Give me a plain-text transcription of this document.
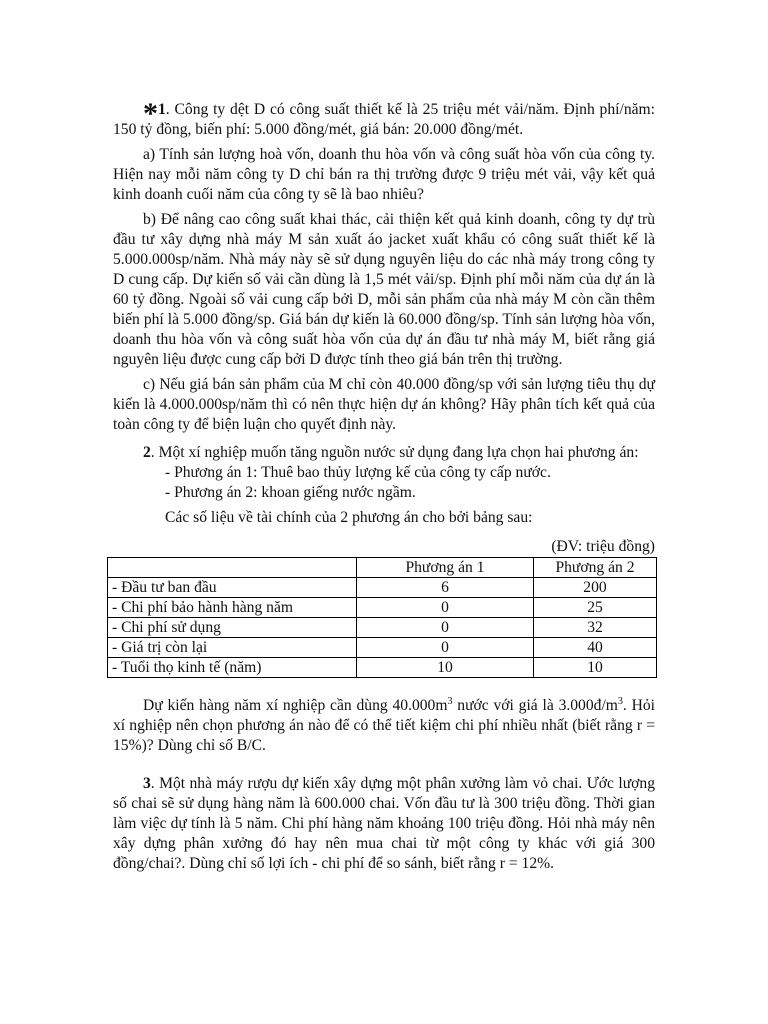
*1. Công ty dệt D có công suất thiết kế là 25 triệu mét vải/năm. Định phí/năm: 150 tỷ đồng, biến phí: 5.000 đồng/mét, giá bán: 20.000 đồng/mét.

a) Tính sản lượng hoà vốn, doanh thu hòa vốn và công suất hòa vốn của công ty. Hiện nay mỗi năm công ty D chỉ bán ra thị trường được 9 triệu mét vải, vậy kết quả kinh doanh cuối năm của công ty sẽ là bao nhiêu?

b) Để nâng cao công suất khai thác, cải thiện kết quả kinh doanh, công ty dự trù đầu tư xây dựng nhà máy M sản xuất áo jacket xuất khẩu có công suất thiết kế là 5.000.000sp/năm. Nhà máy này sẽ sử dụng nguyên liệu do các nhà máy trong công ty D cung cấp. Dự kiến số vải cần dùng là 1,5 mét vải/sp. Định phí mỗi năm của dự án là 60 tỷ đồng. Ngoài số vải cung cấp bởi D, mỗi sản phẩm của nhà máy M còn cần thêm biến phí là 5.000 đồng/sp. Giá bán dự kiến là 60.000 đồng/sp. Tính sản lượng hòa vốn, doanh thu hòa vốn và công suất hòa vốn của dự án đầu tư nhà máy M, biết rằng giá nguyên liệu được cung cấp bởi D được tính theo giá bán trên thị trường.

c) Nếu giá bán sản phẩm của M chỉ còn 40.000 đồng/sp với sản lượng tiêu thụ dự kiến là 4.000.000sp/năm thì có nên thực hiện dự án không? Hãy phân tích kết quả của toàn công ty để biện luận cho quyết định này.

2. Một xí nghiệp muốn tăng nguồn nước sử dụng đang lựa chọn hai phương án:

- Phương án 1: Thuê bao thủy lượng kế của công ty cấp nước.

- Phương án 2: khoan giếng nước ngầm.

Các số liệu về tài chính của 2 phương án cho bởi bảng sau:

(ĐV: triệu đồng)

	Phương án 1	Phương án 2
- Đầu tư ban đầu	6	200
- Chi phí bảo hành hàng năm	0	25
- Chi phí sử dụng	0	32
- Giá trị còn lại	0	40
- Tuổi thọ kinh tế (năm)	10	10

Dự kiến hàng năm xí nghiệp cần dùng $40.000m^3$ nước với giá là $3.000đ/m^3$. Hỏi xí nghiệp nên chọn phương án nào để có thể tiết kiệm chi phí nhiều nhất (biết rằng r = 15%)? Dùng chỉ số B/C.

3. Một nhà máy rượu dự kiến xây dựng một phân xưởng làm vỏ chai. Ước lượng số chai sẽ sử dụng hàng năm là 600.000 chai. Vốn đầu tư là 300 triệu đồng. Thời gian làm việc dự tính là 5 năm. Chi phí hàng năm khoảng 100 triệu đồng. Hỏi nhà máy nên xây dựng phân xưởng đó hay nên mua chai từ một công ty khác với giá 300 đồng/chai?. Dùng chỉ số lợi ích - chi phí để so sánh, biết rằng r = 12%.
